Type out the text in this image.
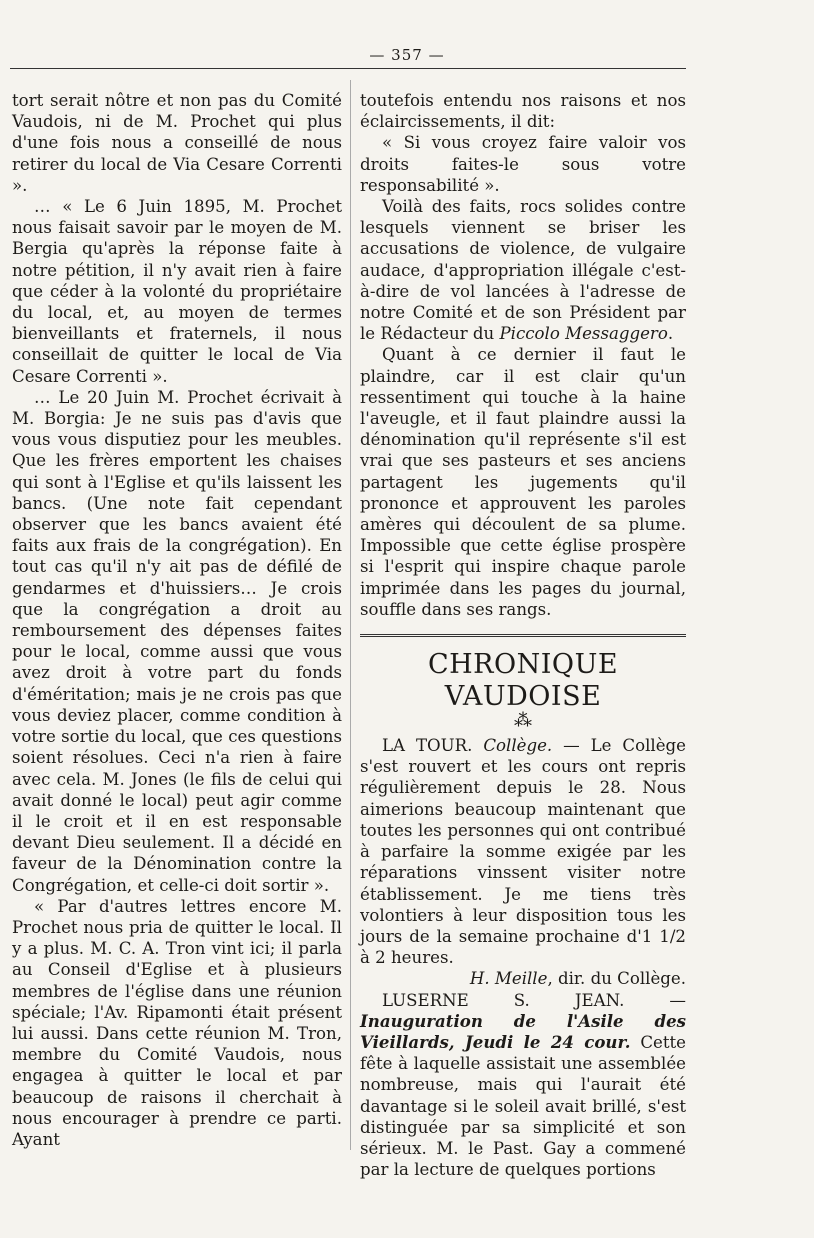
— 357 —

tort serait nôtre et non pas du Comité Vaudois, ni de M. Prochet qui plus d'une fois nous a conseillé de nous retirer du local de Via Cesare Correnti ».

… « Le 6 Juin 1895, M. Prochet nous faisait savoir par le moyen de M. Bergia qu'après la réponse faite à notre pétition, il n'y avait rien à faire que céder à la volonté du propriétaire du local, et, au moyen de termes bienveillants et fraternels, il nous conseillait de quitter le local de Via Cesare Correnti ».

… Le 20 Juin M. Prochet écrivait à M. Borgia: Je ne suis pas d'avis que vous vous disputiez pour les meubles. Que les frères emportent les chaises qui sont à l'Eglise et qu'ils laissent les bancs. (Une note fait cependant observer que les bancs avaient été faits aux frais de la congrégation). En tout cas qu'il n'y ait pas de défilé de gendarmes et d'huissiers… Je crois que la congrégation a droit au remboursement des dépenses faites pour le local, comme aussi que vous avez droit à votre part du fonds d'éméritation; mais je ne crois pas que vous deviez placer, comme condition à votre sortie du local, que ces questions soient résolues. Ceci n'a rien à faire avec cela. M. Jones (le fils de celui qui avait donné le local) peut agir comme il le croit et il en est responsable devant Dieu seulement. Il a décidé en faveur de la Dénomination contre la Congrégation, et celle-ci doit sortir ».

« Par d'autres lettres encore M. Prochet nous pria de quitter le local. Il y a plus. M. C. A. Tron vint ici; il parla au Conseil d'Eglise et à plusieurs membres de l'église dans une réunion spéciale; l'Av. Ripamonti était présent lui aussi. Dans cette réunion M. Tron, membre du Comité Vaudois, nous engagea à quitter le local et par beaucoup de raisons il cherchait à nous encourager à prendre ce parti. Ayant

toutefois entendu nos raisons et nos éclaircissements, il dit:

« Si vous croyez faire valoir vos droits faites-le sous votre responsabilité ».

Voilà des faits, rocs solides contre lesquels viennent se briser les accusations de violence, de vulgaire audace, d'appropriation illégale c'est-à-dire de vol lancées à l'adresse de notre Comité et de son Président par le Rédacteur du Piccolo Messaggero.

Quant à ce dernier il faut le plaindre, car il est clair qu'un ressentiment qui touche à la haine l'aveugle, et il faut plaindre aussi la dénomination qu'il représente s'il est vrai que ses pasteurs et ses anciens partagent les jugements qu'il prononce et approuvent les paroles amères qui découlent de sa plume. Impossible que cette église prospère si l'esprit qui inspire chaque parole imprimée dans les pages du journal, souffle dans ses rangs.

CHRONIQUE VAUDOISE
⁂

LA TOUR. Collège. — Le Collège s'est rouvert et les cours ont repris régulièrement depuis le 28. Nous aimerions beaucoup maintenant que toutes les personnes qui ont contribué à parfaire la somme exigée par les réparations vinssent visiter notre établissement. Je me tiens très volontiers à leur disposition tous les jours de la semaine prochaine d'1 1/2 à 2 heures.

H. Meille, dir. du Collège.

LUSERNE S. JEAN. — Inauguration de l'Asile des Vieillards, Jeudi le 24 cour. Cette fête à laquelle assistait une assemblée nombreuse, mais qui l'aurait été davantage si le soleil avait brillé, s'est distinguée par sa simplicité et son sérieux. M. le Past. Gay a commené par la lecture de quelques portions
